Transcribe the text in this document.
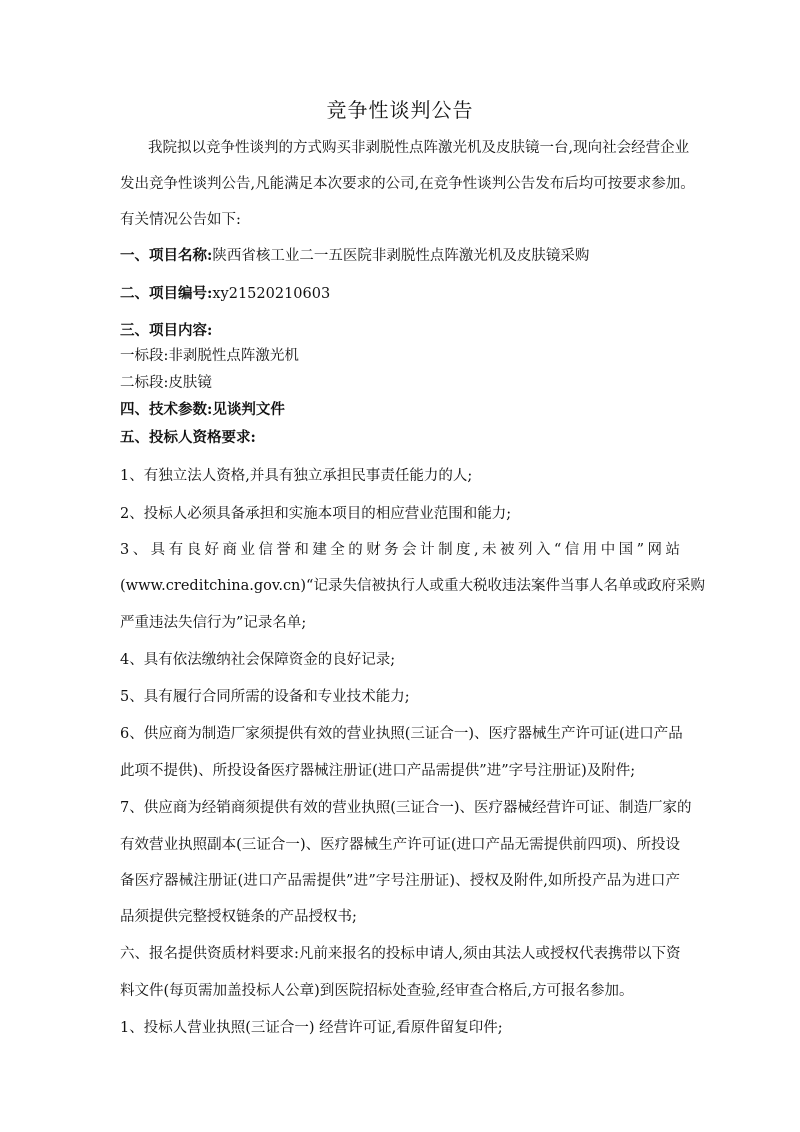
竞争性谈判公告
我院拟以竞争性谈判的方式购买非剥脱性点阵激光机及皮肤镜一台,现向社会经营企业
发出竞争性谈判公告,凡能满足本次要求的公司,在竞争性谈判公告发布后均可按要求参加。
有关情况公告如下:
一、项目名称:陕西省核工业二一五医院非剥脱性点阵激光机及皮肤镜采购
二、项目编号:xy21520210603
三、项目内容:
一标段:非剥脱性点阵激光机
二标段:皮肤镜
四、技术参数:见谈判文件
五、投标人资格要求:
1、有独立法人资格,并具有独立承担民事责任能力的人;
2、投标人必须具备承担和实施本项目的相应营业范围和能力;
3、具有良好商业信誉和建全的财务会计制度,未被列入“信用中国”网站
(www.creditchina.gov.cn)“记录失信被执行人或重大税收违法案件当事人名单或政府采购
严重违法失信行为”记录名单;
4、具有依法缴纳社会保障资金的良好记录;
5、具有履行合同所需的设备和专业技术能力;
6、供应商为制造厂家须提供有效的营业执照(三证合一)、医疗器械生产许可证(进口产品
此项不提供)、所投设备医疗器械注册证(进口产品需提供”进”字号注册证)及附件;
7、供应商为经销商须提供有效的营业执照(三证合一)、医疗器械经营许可证、制造厂家的
有效营业执照副本(三证合一)、医疗器械生产许可证(进口产品无需提供前四项)、所投设
备医疗器械注册证(进口产品需提供”进”字号注册证)、授权及附件,如所投产品为进口产
品须提供完整授权链条的产品授权书;
六、报名提供资质材料要求:凡前来报名的投标申请人,须由其法人或授权代表携带以下资
料文件(每页需加盖投标人公章)到医院招标处查验,经审查合格后,方可报名参加。
1、投标人营业执照(三证合一) 经营许可证,看原件留复印件;
